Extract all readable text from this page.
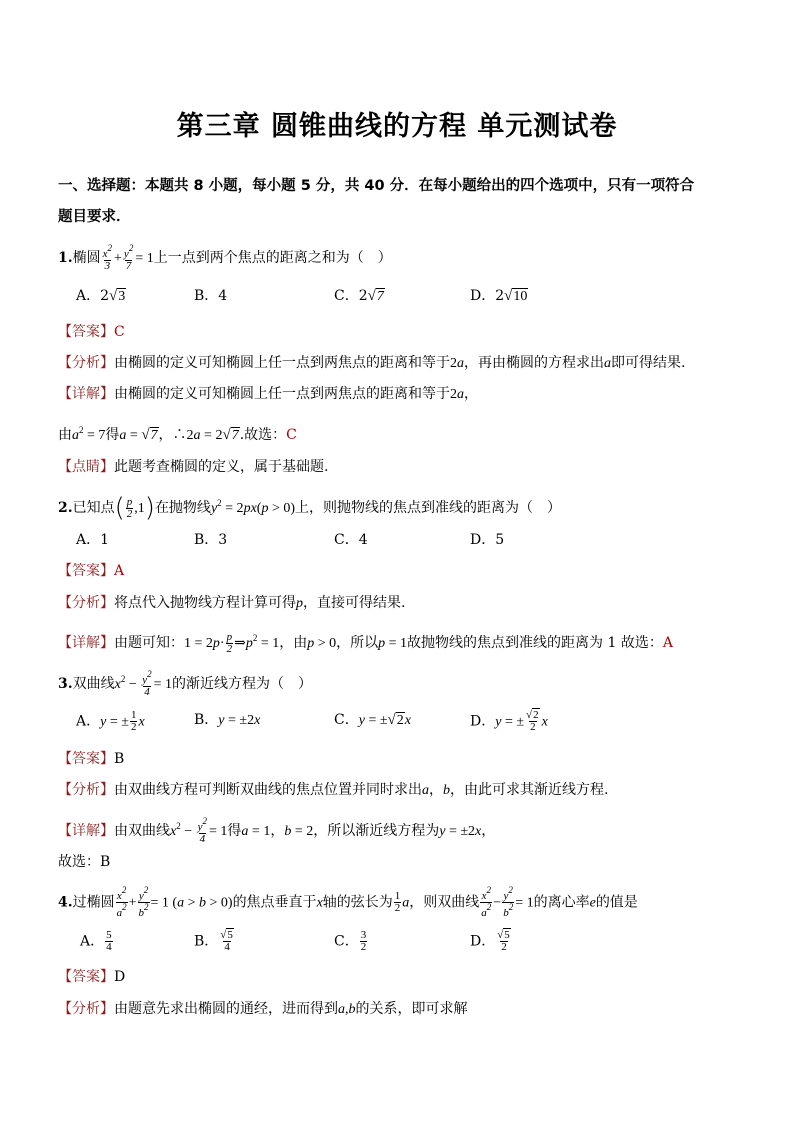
第三章 圆锥曲线的方程 单元测试卷
一、选择题：本题共 8 小题，每小题 5 分，共 40 分．在每小题给出的四个选项中，只有一项符合
题目要求．
1.椭圆 $\frac{x^2}{3} + \frac{y^2}{7} = 1$上一点到两个焦点的距离之和为（　）
A．2√3	B．4	C．2√7	D．2√10
【答案】C
【分析】由椭圆的定义可知椭圆上任一点到两焦点的距离和等于2a，再由椭圆的方程求出a即可得结果.
【详解】由椭圆的定义可知椭圆上任一点到两焦点的距离和等于2a，
由$a^2 = 7$得a = √7，∴2a = 2√7.故选：C
【点睛】此题考查椭圆的定义，属于基础题.
2.已知点( $\frac{p}{2} ,1$)在抛物线$y^2 = 2px(p > 0)$上，则抛物线的焦点到准线的距离为（　）
A．1	B．3	C．4	D．5
【答案】A
【分析】将点代入抛物线方程计算可得p，直接可得结果.
【详解】由题可知：$1 = 2p\cdot \frac{p}{2}$ $\Rightarrow p^2 = 1$，由p > 0，所以p = 1故抛物线的焦点到准线的距离为 1 故选：A
3.双曲线$x^2 - \frac{y^2}{4} = 1$的渐近线方程为（　）
A．y = ± $\frac{1}{2}$ x	B．y = ±2x	C．y = ±√2x	D．y = ± $\frac{√2}{2}$ x
【答案】B
【分析】由双曲线方程可判断双曲线的焦点位置并同时求出a，b，由此可求其渐近线方程.
【详解】由双曲线$x^2 - \frac{y^2}{4} = 1$得a = 1，b = 2，所以渐近线方程为y = ±2x，
故选：B
4.过椭圆 $\frac{x^2}{a^2} + \frac{y^2}{b^2} = 1$ (a > b > 0)的焦点垂直于x轴的弦长为 $\frac{1}{2}$ a，则双曲线 $\frac{x^2}{a^2} - \frac{y^2}{b^2} = 1$的离心率e的值是
A． $\frac{5}{4}$	B． $\frac{√5}{4}$	C． $\frac{3}{2}$	D． $\frac{√5}{2}$
【答案】D
【分析】由题意先求出椭圆的通经，进而得到a,b的关系，即可求解
